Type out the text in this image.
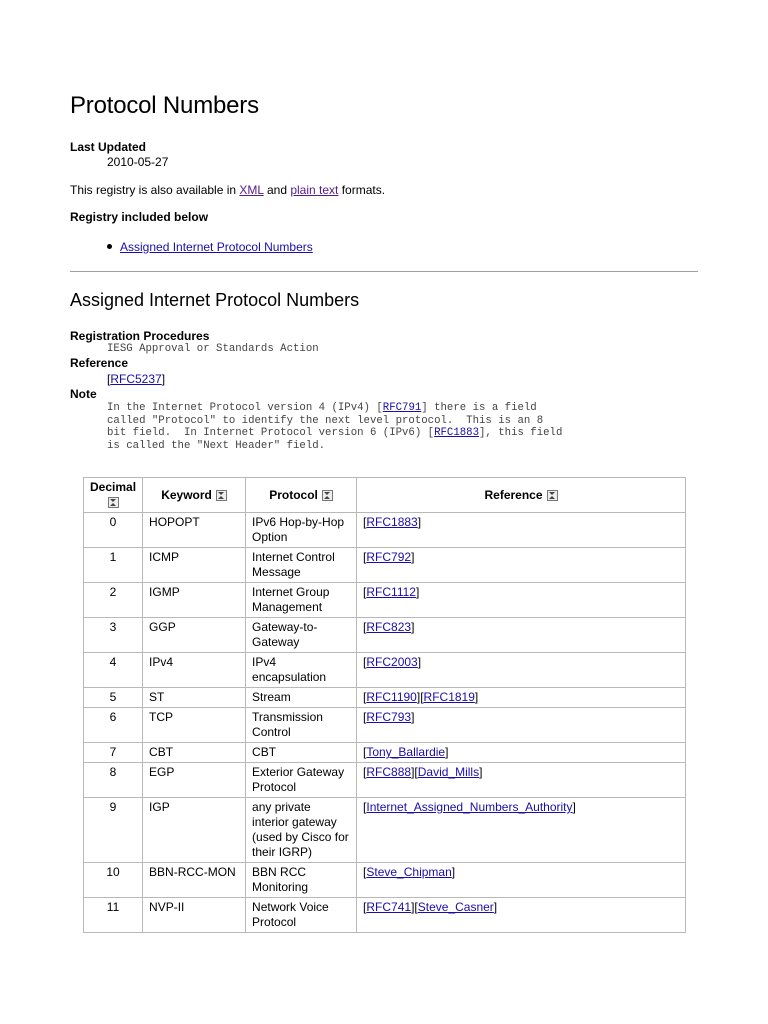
Protocol Numbers
Last Updated
2010-05-27
This registry is also available in XML and plain text formats.
Registry included below
Assigned Internet Protocol Numbers
Assigned Internet Protocol Numbers
Registration Procedures
IESG Approval or Standards Action
Reference
[RFC5237]
Note
In the Internet Protocol version 4 (IPv4) [RFC791] there is a field
called "Protocol" to identify the next level protocol.  This is an 8
bit field.  In Internet Protocol version 6 (IPv6) [RFC1883], this field
is called the "Next Header" field.
Decimal	Keyword	Protocol	Reference
0	HOPOPT	IPv6 Hop-by-Hop Option	[RFC1883]
1	ICMP	Internet Control Message	[RFC792]
2	IGMP	Internet Group Management	[RFC1112]
3	GGP	Gateway-to-Gateway	[RFC823]
4	IPv4	IPv4 encapsulation	[RFC2003]
5	ST	Stream	[RFC1190][RFC1819]
6	TCP	Transmission Control	[RFC793]
7	CBT	CBT	[Tony_Ballardie]
8	EGP	Exterior Gateway Protocol	[RFC888][David_Mills]
9	IGP	any private interior gateway (used by Cisco for their IGRP)	[Internet_Assigned_Numbers_Authority]
10	BBN-RCC-MON	BBN RCC Monitoring	[Steve_Chipman]
11	NVP-II	Network Voice Protocol	[RFC741][Steve_Casner]
